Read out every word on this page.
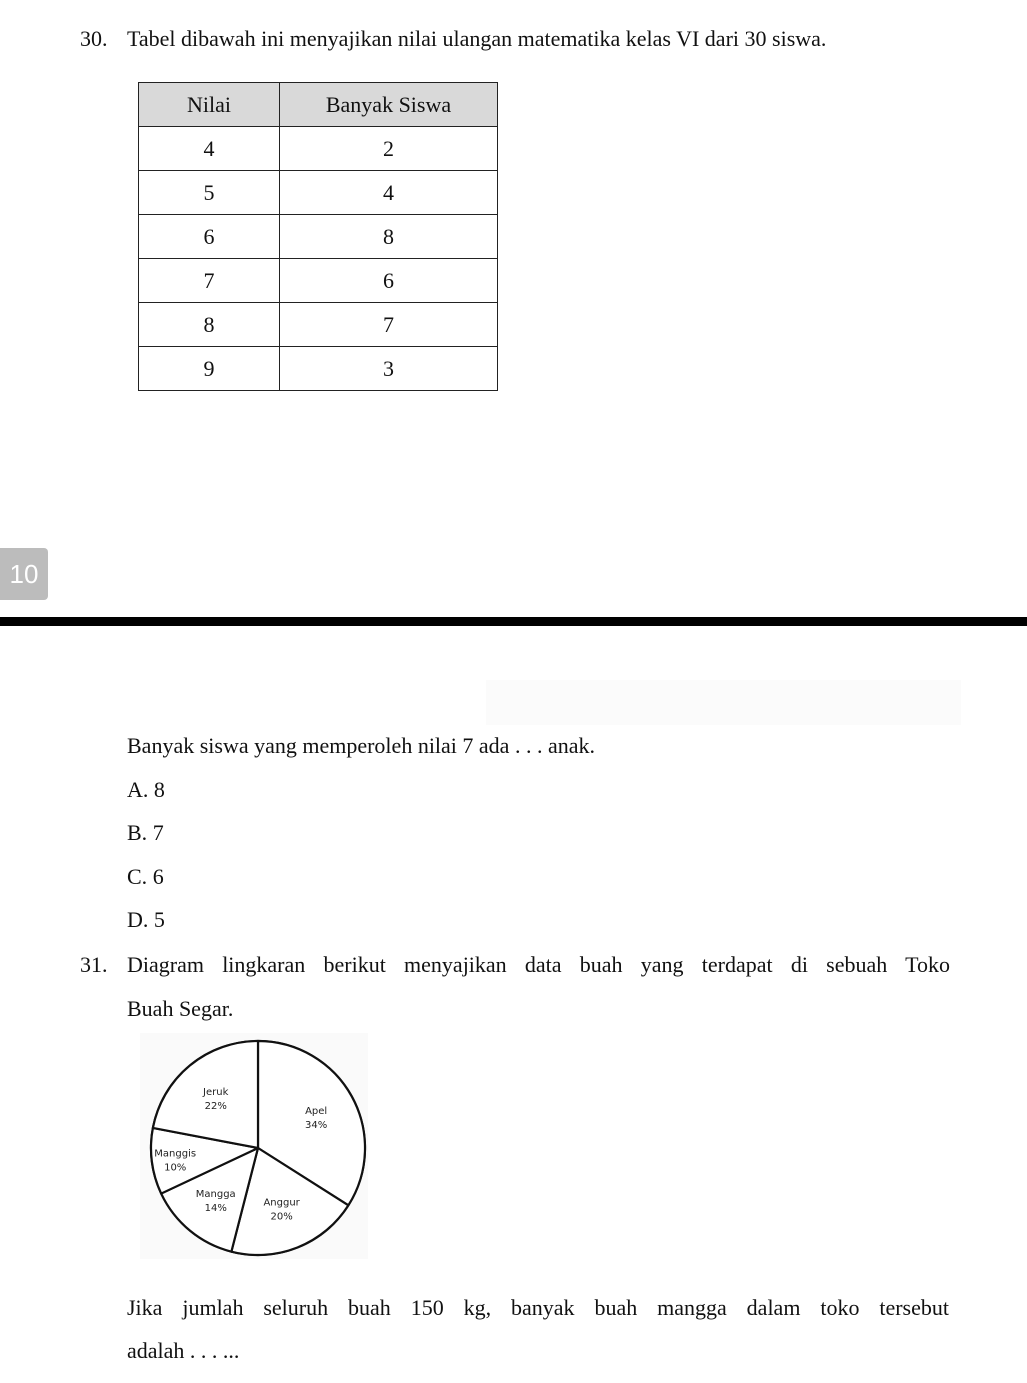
30. Tabel dibawah ini menyajikan nilai ulangan matematika kelas VI dari 30 siswa.
Nilai	Banyak Siswa
4	2
5	4
6	8
7	6
8	7
9	3
10
Banyak siswa yang memperoleh nilai 7 ada . . . anak.
A. 8
B. 7
C. 6
D. 5
31. Diagram lingkaran berikut menyajikan data buah yang terdapat di sebuah Toko
Buah Segar.
Apel
34%
Anggur
20%
Mangga
14%
Manggis
10%
Jeruk
22%
Jika jumlah seluruh buah 150 kg, banyak buah mangga dalam toko tersebut
adalah . . . ...
